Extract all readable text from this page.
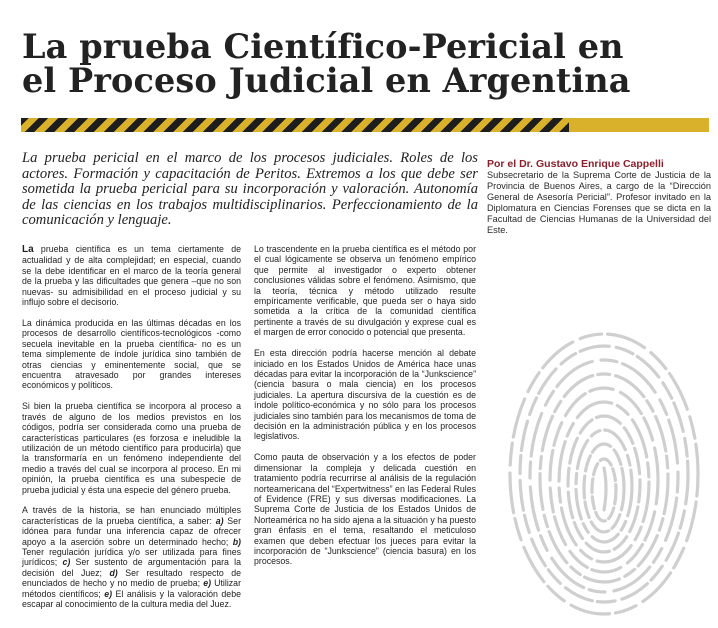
La prueba Científico-Pericial en
el Proceso Judicial en Argentina

La prueba pericial en el marco de los procesos judiciales. Roles de los actores. Formación y capacitación de Peritos. Extremos a los que debe ser sometida la prueba pericial para su incorporación y valoración. Autonomía de las ciencias en los trabajos multidisciplinarios. Perfeccionamiento de la comunicación y lenguaje.

Por el Dr. Gustavo Enrique Cappelli
Subsecretario de la Suprema Corte de Justicia de la Provincia de Buenos Aires, a cargo de la “Dirección General de Asesoría Pericial”. Profesor invitado en la Diplomatura en Ciencias Forenses que se dicta en la Facultad de Ciencias Humanas de la Universidad del Este.

La prueba científica es un tema ciertamente de actualidad y de alta complejidad; en especial, cuando se la debe identificar en el marco de la teoría general de la prueba y las dificultades que genera –que no son nuevas- su admisibilidad en el proceso judicial y su influjo sobre el decisorio.

La dinámica producida en las últimas décadas en los procesos de desarrollo científicos-tecnológicos -como secuela inevitable en la prueba científica- no es un tema simplemente de índole jurídica sino también de otras ciencias y eminentemente social, que se encuentra atravesado por grandes intereses económicos y políticos.

Si bien la prueba científica se incorpora al proceso a través de alguno de los medios previstos en los códigos, podría ser considerada como una prueba de características particulares (es forzosa e ineludible la utilización de un método científico para producirla) que la transformaría en un fenómeno independiente del medio a través del cual se incorpora al proceso. En mi opinión, la prueba científica es una subespecie de prueba judicial y ésta una especie del género prueba.

A través de la historia, se han enunciado múltiples características de la prueba científica, a saber: a) Ser idónea para fundar una inferencia capaz de ofrecer apoyo a la aserción sobre un determinado hecho; b) Tener regulación jurídica y/o ser utilizada para fines jurídicos; c) Ser sustento de argumentación para la decisión del Juez; d) Ser resultado respecto de enunciados de hecho y no medio de prueba; e) Utilizar métodos científicos; e) El análisis y la valoración debe escapar al conocimiento de la cultura media del Juez.

Lo trascendente en la prueba científica es el método por el cual lógicamente se observa un fenómeno empírico que permite al investigador o experto obtener conclusiones válidas sobre el fenómeno. Asimismo, que la teoría, técnica y método utilizado resulte empíricamente verificable, que pueda ser o haya sido sometida a la crítica de la comunidad científica pertinente a través de su divulgación y exprese cual es el margen de error conocido o potencial que presenta.

En esta dirección podría hacerse mención al debate iniciado en los Estados Unidos de América hace unas décadas para evitar la incorporación de la “Junkscience” (ciencia basura o mala ciencia) en los procesos judiciales. La apertura discursiva de la cuestión es de índole político-económica y no sólo para los procesos judiciales sino también para los mecanismos de toma de decisión en la administración pública y en los procesos legislativos.

Como pauta de observación y a los efectos de poder dimensionar la compleja y delicada cuestión en tratamiento podría recurrirse al análisis de la regulación norteamericana del “Expertwitness” en las Federal Rules of Evidence (FRE) y sus diversas modificaciones. La Suprema Corte de Justicia de los Estados Unidos de Norteamérica no ha sido ajena a la situación y ha puesto gran énfasis en el tema, resaltando el meticuloso examen que deben efectuar los jueces para evitar la incorporación de “Junkscience” (ciencia basura) en los procesos.
